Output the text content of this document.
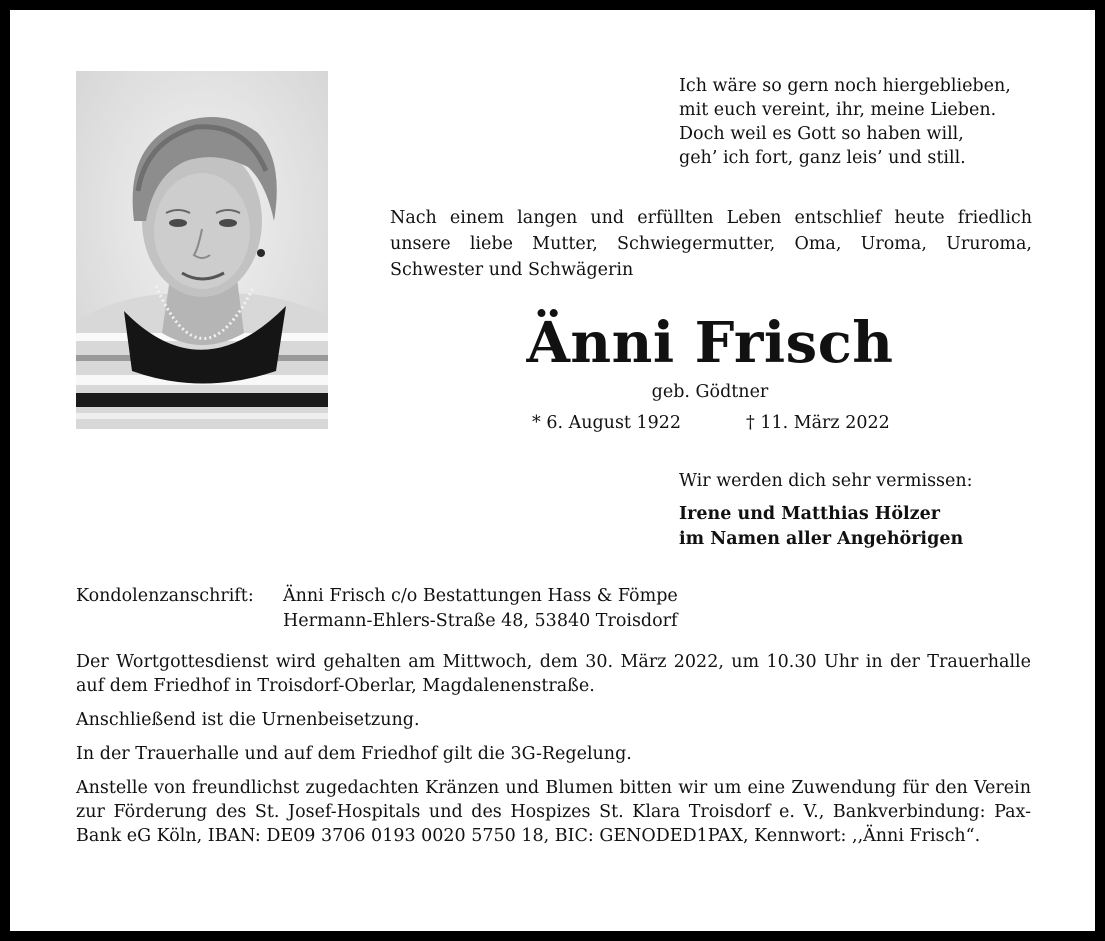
Ich wäre so gern noch hiergeblieben,
mit euch vereint, ihr, meine Lieben.
Doch weil es Gott so haben will,
geh’ ich fort, ganz leis’ und still.
Nach einem langen und erfüllten Leben entschlief heute friedlich unsere liebe Mutter, Schwiegermutter, Oma, Uroma, Ururoma, Schwester und Schwägerin
Änni Frisch
geb. Gödtner
* 6. August 1922	† 11. März 2022
Wir werden dich sehr vermissen:
Irene und Matthias Hölzer
im Namen aller Angehörigen
Kondolenzanschrift: Änni Frisch c/o Bestattungen Hass & Fömpe
Hermann-Ehlers-Straße 48, 53840 Troisdorf

Der Wortgottesdienst wird gehalten am Mittwoch, dem 30. März 2022, um 10.30 Uhr in der Trauerhalle auf dem Friedhof in Troisdorf-Oberlar, Magdalenenstraße.

Anschließend ist die Urnenbeisetzung.

In der Trauerhalle und auf dem Friedhof gilt die 3G-Regelung.

Anstelle von freundlichst zugedachten Kränzen und Blumen bitten wir um eine Zuwendung für den Verein zur Förderung des St. Josef-Hospitals und des Hospizes St. Klara Troisdorf e. V., Bankverbindung: Pax-Bank eG Köln, IBAN: DE09 3706 0193 0020 5750 18, BIC: GENODED1PAX, Kennwort: ,,Änni Frisch“.
